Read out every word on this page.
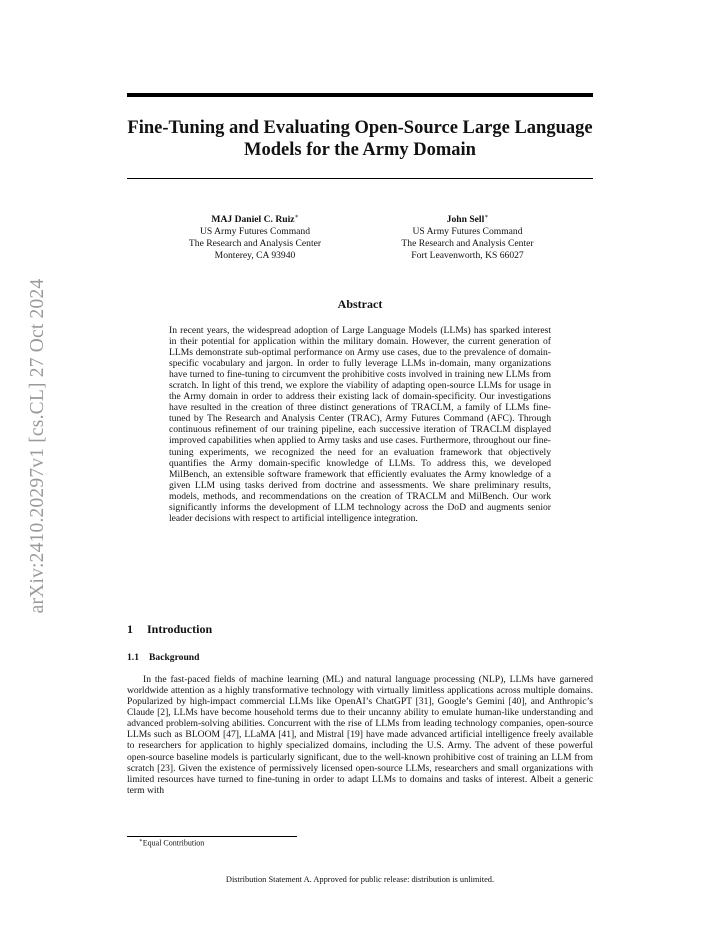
arXiv:2410.20297v1 [cs.CL] 27 Oct 2024
Fine-Tuning and Evaluating Open-Source Large Language Models for the Army Domain
MAJ Daniel C. Ruiz∗
US Army Futures Command
The Research and Analysis Center
Monterey, CA 93940
John Sell∗
US Army Futures Command
The Research and Analysis Center
Fort Leavenworth, KS 66027
Abstract

In recent years, the widespread adoption of Large Language Models (LLMs) has sparked interest in their potential for application within the military domain. However, the current generation of LLMs demonstrate sub-optimal performance on Army use cases, due to the prevalence of domain-specific vocabulary and jargon. In order to fully leverage LLMs in-domain, many organizations have turned to fine-tuning to circumvent the prohibitive costs involved in training new LLMs from scratch. In light of this trend, we explore the viability of adapting open-source LLMs for usage in the Army domain in order to address their existing lack of domain-specificity. Our investigations have resulted in the creation of three distinct generations of TRACLM, a family of LLMs fine-tuned by The Research and Analysis Center (TRAC), Army Futures Command (AFC). Through continuous refinement of our training pipeline, each successive iteration of TRACLM displayed improved capabilities when applied to Army tasks and use cases. Furthermore, throughout our fine-tuning experiments, we recognized the need for an evaluation framework that objectively quantifies the Army domain-specific knowledge of LLMs. To address this, we developed MilBench, an extensible software framework that efficiently evaluates the Army knowledge of a given LLM using tasks derived from doctrine and assessments. We share preliminary results, models, methods, and recommendations on the creation of TRACLM and MilBench. Our work significantly informs the development of LLM technology across the DoD and augments senior leader decisions with respect to artificial intelligence integration.

1 Introduction
1.1 Background

In the fast-paced fields of machine learning (ML) and natural language processing (NLP), LLMs have garnered worldwide attention as a highly transformative technology with virtually limitless applications across multiple domains. Popularized by high-impact commercial LLMs like OpenAI’s ChatGPT [31], Google’s Gemini [40], and Anthropic’s Claude [2], LLMs have become household terms due to their uncanny ability to emulate human-like understanding and advanced problem-solving abilities. Concurrent with the rise of LLMs from leading technology companies, open-source LLMs such as BLOOM [47], LLaMA [41], and Mistral [19] have made advanced artificial intelligence freely available to researchers for application to highly specialized domains, including the U.S. Army. The advent of these powerful open-source baseline models is particularly significant, due to the well-known prohibitive cost of training an LLM from scratch [23]. Given the existence of permissively licensed open-source LLMs, researchers and small organizations with limited resources have turned to fine-tuning in order to adapt LLMs to domains and tasks of interest. Albeit a generic term with

∗Equal Contribution
Distribution Statement A. Approved for public release: distribution is unlimited.
